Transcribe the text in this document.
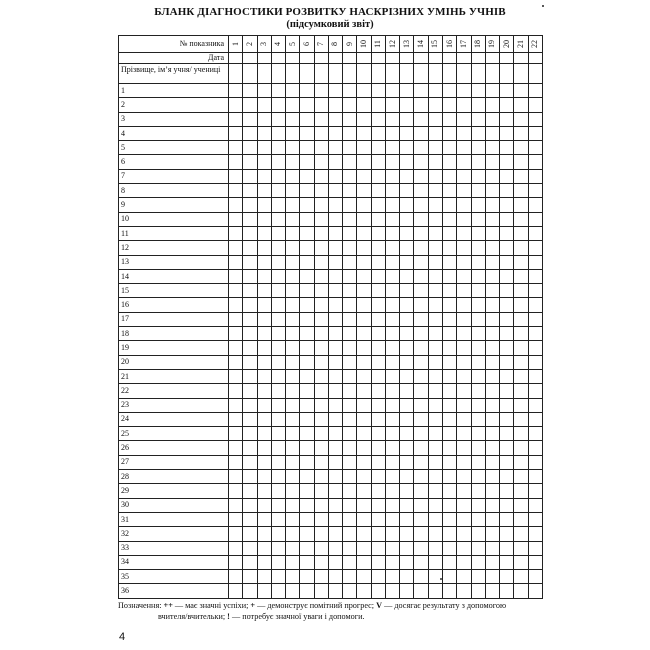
БЛАНК ДІАГНОСТИКИ РОЗВИТКУ НАСКРІЗНИХ УМІНЬ УЧНІВ
(підсумковий звіт)
№ показника	1	2	3	4	5	6	7	8	9	10	11	12	13	14	15	16	17	18	19	20	21	22

Дата																						
Прізвище, ім’я учня/ учениці																						
1																						
2																						
3																						
4																						
5																						
6																						
7																						
8																						
9																						
10																						
11																						
12																						
13																						
14																						
15																						
16																						
17																						
18																						
19																						
20																						
21																						
22																						
23																						
24																						
25																						
26																						
27																						
28																						
29																						
30																						
31																						
32																						
33																						
34																						
35																						
36																						
Позначення: ++ — має значні успіхи; + — демонструє помітний прогрес; V — досягає результату з допомогою
вчителя/вчительки; ! — потребує значної уваги і допомоги.
4
